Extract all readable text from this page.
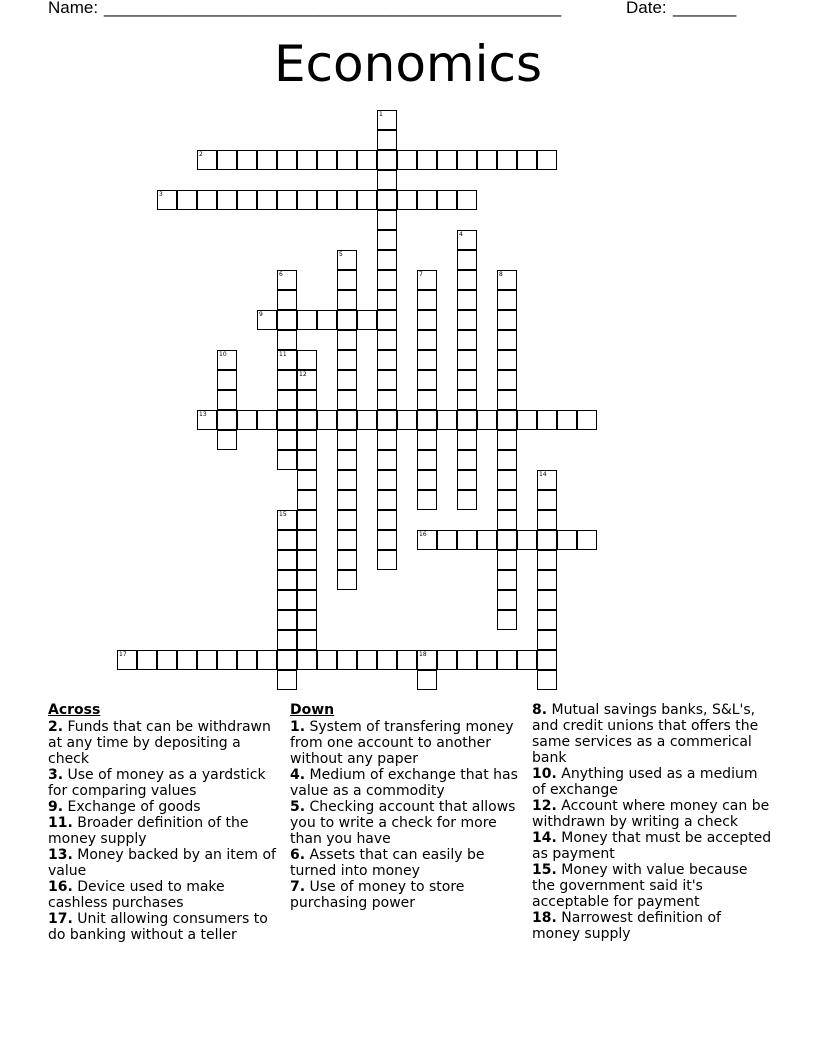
Name: ___________________________________________________	Date: _______
Economics
1
2
3
4
5
6
11
7	8
9
10
12
13
14
15
16
17	18
Across
2. Funds that can be withdrawn at any time by depositing a check
3. Use of money as a yardstick for comparing values
9. Exchange of goods
11. Broader definition of the money supply
13. Money backed by an item of value
16. Device used to make cashless purchases
17. Unit allowing consumers to do banking without a teller
Down
1. System of transfering money from one account to another without any paper
4. Medium of exchange that has value as a commodity
5. Checking account that allows you to write a check for more than you have
6. Assets that can easily be turned into money
7. Use of money to store purchasing power
8. Mutual savings banks, S&L's, and credit unions that offers the same services as a commerical bank
10. Anything used as a medium of exchange
12. Account where money can be withdrawn by writing a check
14. Money that must be accepted as payment
15. Money with value because the government said it's acceptable for payment
18. Narrowest definition of money supply
